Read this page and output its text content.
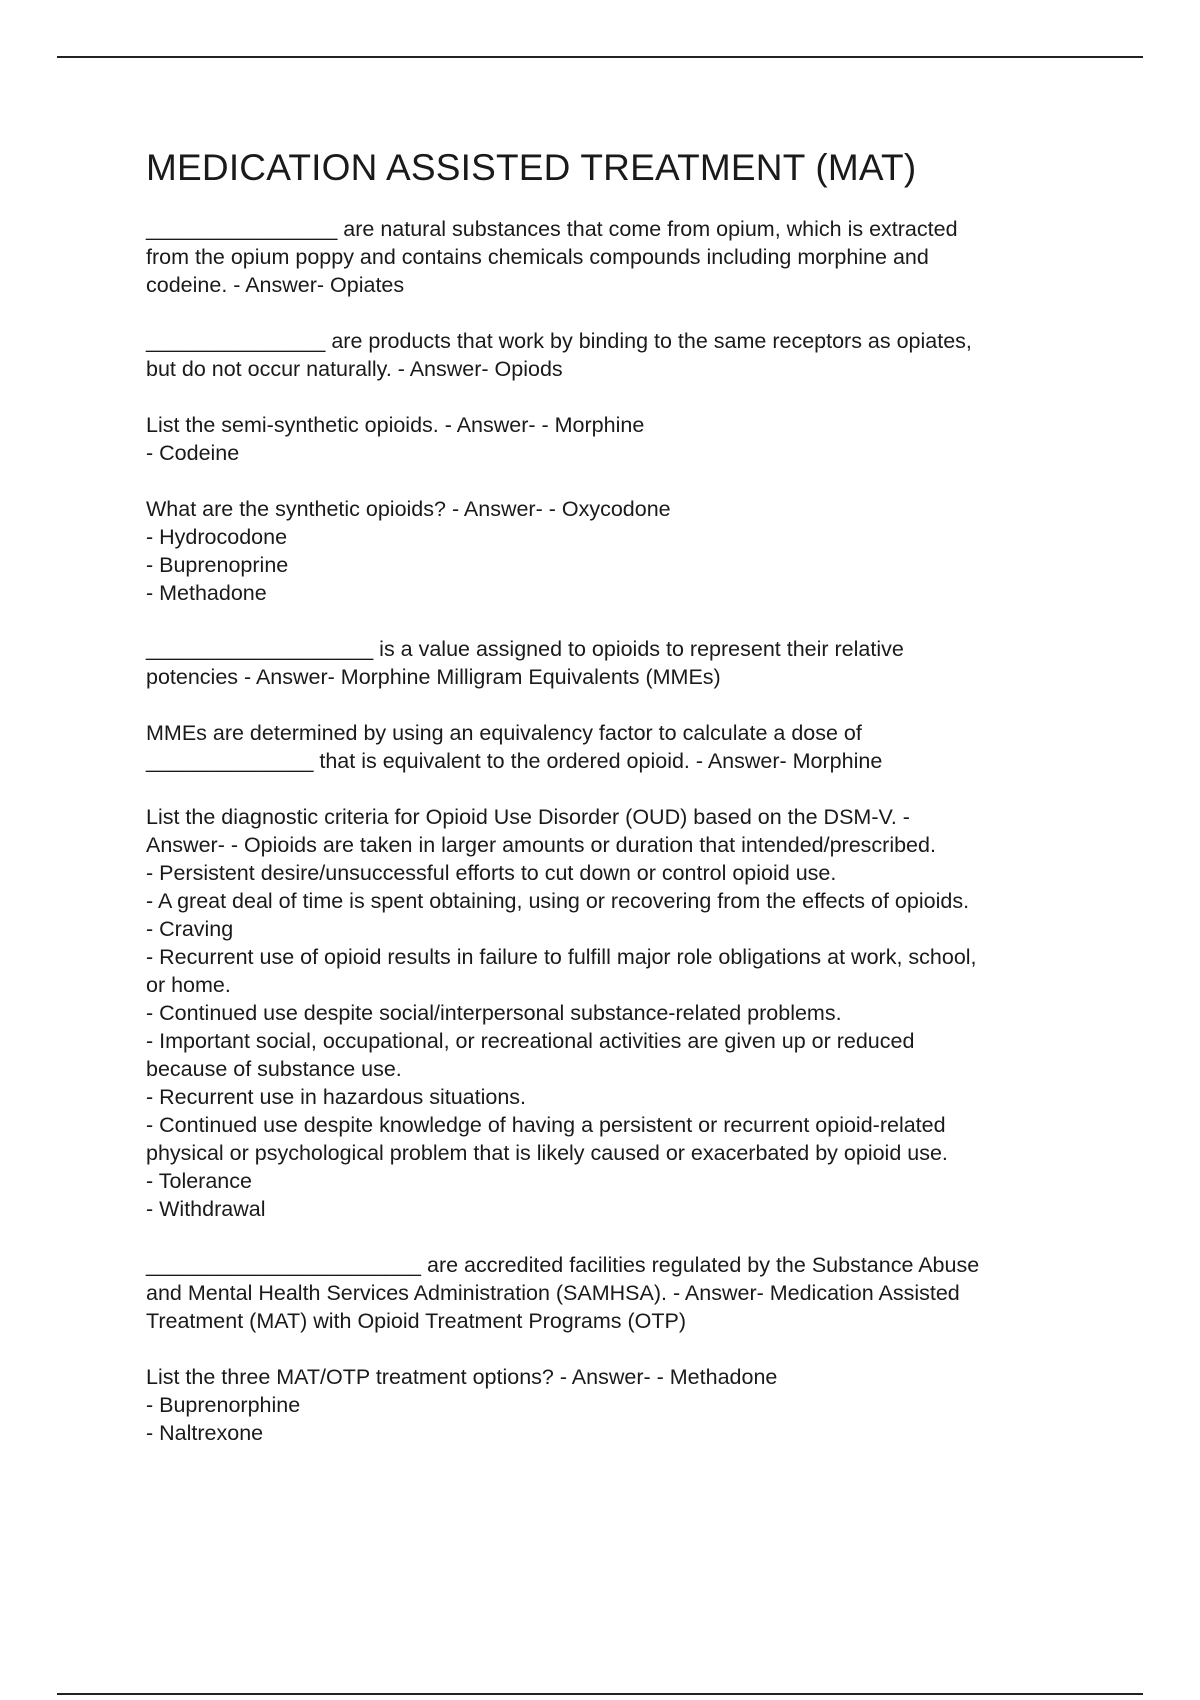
MEDICATION ASSISTED TREATMENT (MAT)
________________ are natural substances that come from opium, which is extracted
from the opium poppy and contains chemicals compounds including morphine and
codeine. - Answer- Opiates
_______________ are products that work by binding to the same receptors as opiates,
but do not occur naturally. - Answer- Opiods
List the semi-synthetic opioids. - Answer- - Morphine
- Codeine
What are the synthetic opioids? - Answer- - Oxycodone
- Hydrocodone
- Buprenoprine
- Methadone
___________________ is a value assigned to opioids to represent their relative
potencies - Answer- Morphine Milligram Equivalents (MMEs)
MMEs are determined by using an equivalency factor to calculate a dose of
______________ that is equivalent to the ordered opioid. - Answer- Morphine
List the diagnostic criteria for Opioid Use Disorder (OUD) based on the DSM-V. -
Answer- - Opioids are taken in larger amounts or duration that intended/prescribed.
- Persistent desire/unsuccessful efforts to cut down or control opioid use.
- A great deal of time is spent obtaining, using or recovering from the effects of opioids.
- Craving
- Recurrent use of opioid results in failure to fulfill major role obligations at work, school,
or home.
- Continued use despite social/interpersonal substance-related problems.
- Important social, occupational, or recreational activities are given up or reduced
because of substance use.
- Recurrent use in hazardous situations.
- Continued use despite knowledge of having a persistent or recurrent opioid-related
physical or psychological problem that is likely caused or exacerbated by opioid use.
- Tolerance
- Withdrawal
_______________________ are accredited facilities regulated by the Substance Abuse
and Mental Health Services Administration (SAMHSA). - Answer- Medication Assisted
Treatment (MAT) with Opioid Treatment Programs (OTP)
List the three MAT/OTP treatment options? - Answer- - Methadone
- Buprenorphine
- Naltrexone
